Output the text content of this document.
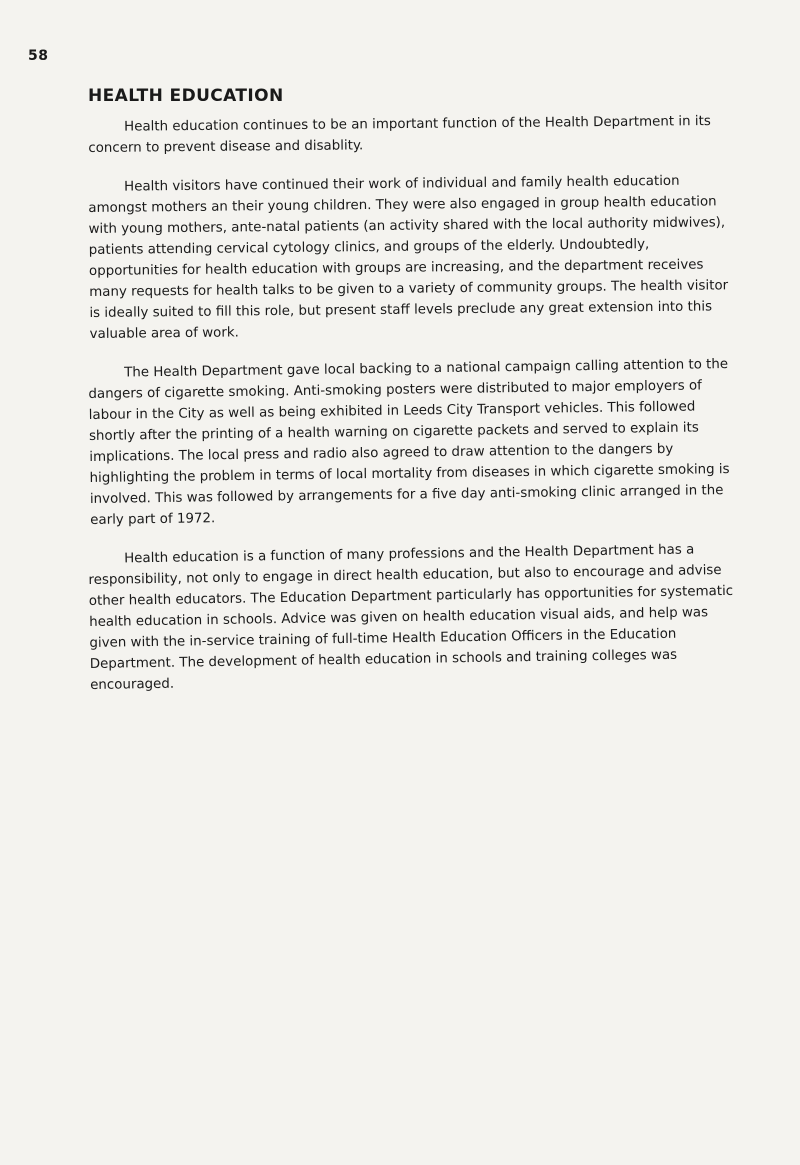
58
HEALTH EDUCATION

Health education continues to be an important function of the Health Department in its concern to prevent disease and disablity.

Health visitors have continued their work of individual and family health education amongst mothers an their young children. They were also engaged in group health education with young mothers, ante-natal patients (an activity shared with the local authority midwives), patients attending cervical cytology clinics, and groups of the elderly. Undoubtedly, opportunities for health education with groups are increasing, and the department receives many requests for health talks to be given to a variety of community groups. The health visitor is ideally suited to fill this role, but present staff levels preclude any great extension into this valuable area of work.

The Health Department gave local backing to a national campaign calling attention to the dangers of cigarette smoking. Anti-smoking posters were distributed to major employers of labour in the City as well as being exhibited in Leeds City Transport vehicles. This followed shortly after the printing of a health warning on cigarette packets and served to explain its implications. The local press and radio also agreed to draw attention to the dangers by highlighting the problem in terms of local mortality from diseases in which cigarette smoking is involved. This was followed by arrangements for a five day anti-smoking clinic arranged in the early part of 1972.

Health education is a function of many professions and the Health Department has a responsibility, not only to engage in direct health education, but also to encourage and advise other health educators. The Education Department particularly has opportunities for systematic health education in schools. Advice was given on health education visual aids, and help was given with the in-service training of full-time Health Education Officers in the Education Department. The development of health education in schools and training colleges was encouraged.
